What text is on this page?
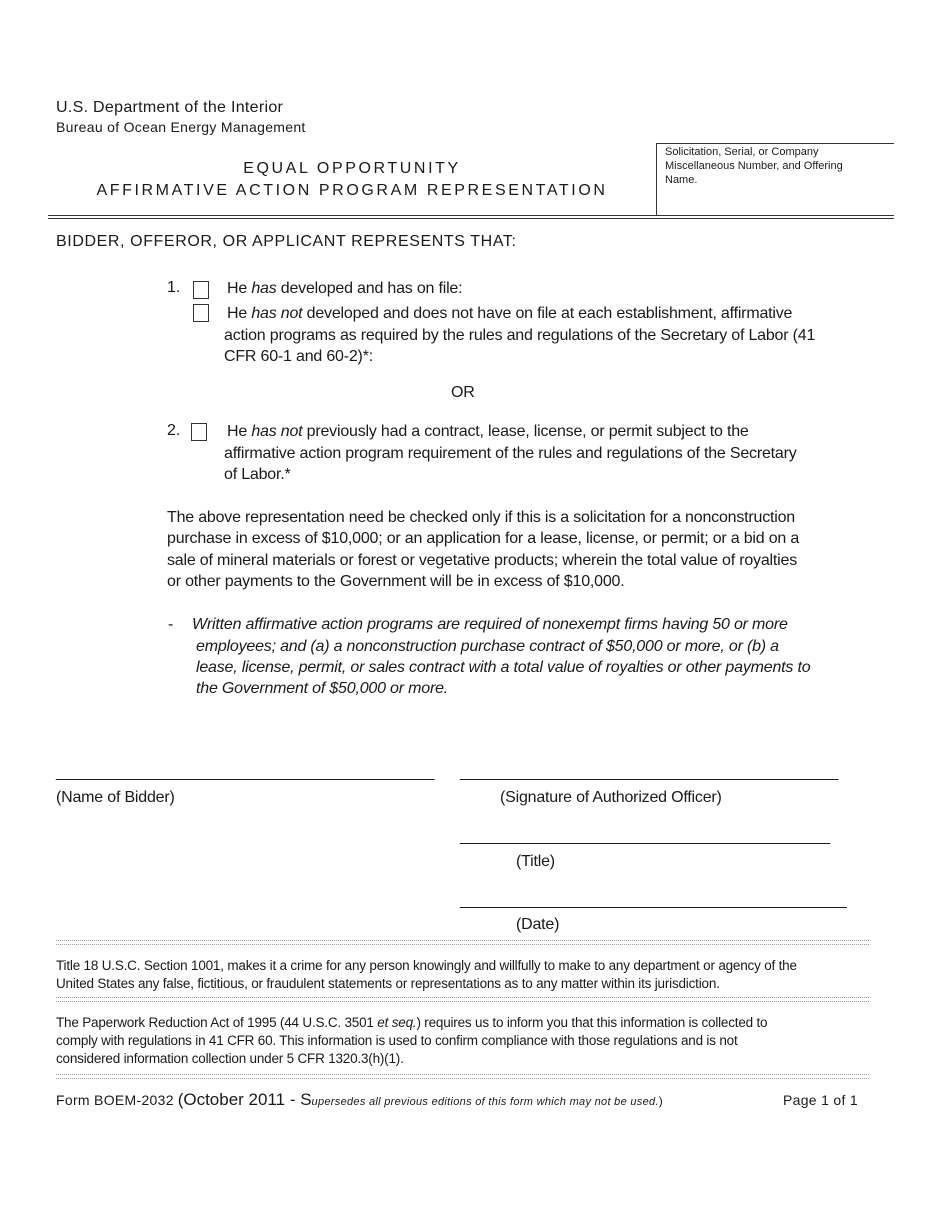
U.S. Department of the Interior
Bureau of Ocean Energy Management
EQUAL OPPORTUNITY
AFFIRMATIVE ACTION PROGRAM REPRESENTATION
Solicitation, Serial, or Company Miscellaneous Number, and Offering Name.
BIDDER, OFFEROR, OR APPLICANT REPRESENTS THAT:
1.	He has developed and has on file:
He has not developed and does not have on file at each establishment, affirmative
action programs as required by the rules and regulations of the Secretary of Labor (41
CFR 60-1 and 60-2)*:
OR
2.	He has not previously had a contract, lease, license, or permit subject to the
affirmative action program requirement of the rules and regulations of the Secretary
of Labor.*
The above representation need be checked only if this is a solicitation for a nonconstruction
purchase in excess of $10,000; or an application for a lease, license, or permit; or a bid on a
sale of mineral materials or forest or vegetative products; wherein the total value of royalties
or other payments to the Government will be in excess of $10,000.
- Written affirmative action programs are required of nonexempt firms having 50 or more
employees; and (a) a nonconstruction purchase contract of $50,000 or more, or (b) a
lease, license, permit, or sales contract with a total value of royalties or other payments to
the Government of $50,000 or more.
_____________________________________________
(Name of Bidder)
_____________________________________________
(Signature of Authorized Officer)
____________________________________________
(Title)
______________________________________________
(Date)
Title 18 U.S.C. Section 1001, makes it a crime for any person knowingly and willfully to make to any department or agency of the
United States any false, fictitious, or fraudulent statements or representations as to any matter within its jurisdiction.
The Paperwork Reduction Act of 1995 (44 U.S.C. 3501 et seq.) requires us to inform you that this information is collected to
comply with regulations in 41 CFR 60. This information is used to confirm compliance with those regulations and is not
considered information collection under 5 CFR 1320.3(h)(1).
Form BOEM-2032 (October 2011 - Supersedes all previous editions of this form which may not be used.)	Page 1 of 1
